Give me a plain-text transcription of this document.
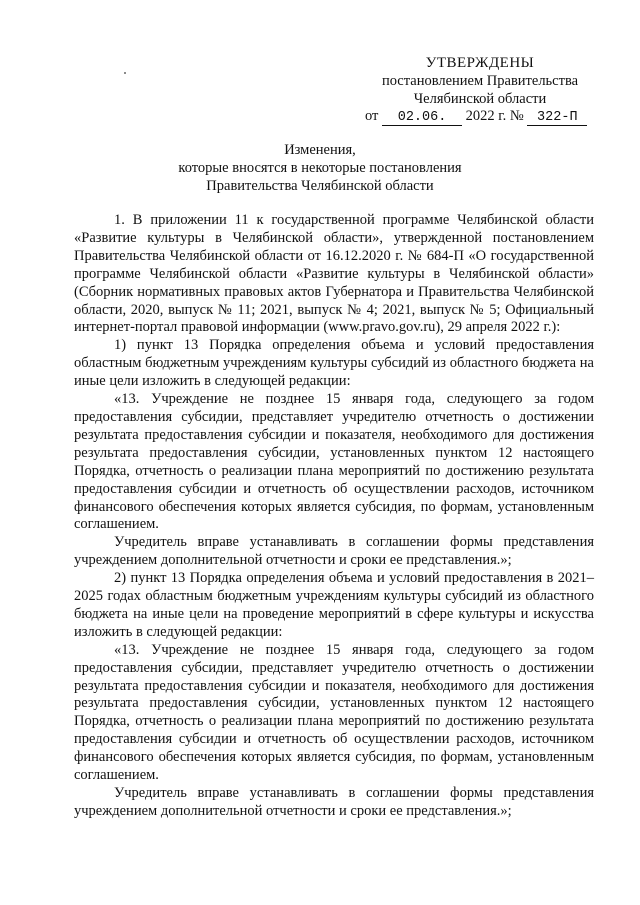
УТВЕРЖДЕНЫ
постановлением Правительства
Челябинской области
от 02.06. 2022 г. № 322-П
Изменения,
которые вносятся в некоторые постановления
Правительства Челябинской области

1. В приложении 11 к государственной программе Челябинской области «Развитие культуры в Челябинской области», утвержденной постановлением Правительства Челябинской области от 16.12.2020 г. № 684-П «О государственной программе Челябинской области «Развитие культуры в Челябинской области» (Сборник нормативных правовых актов Губернатора и Правительства Челябинской области, 2020, выпуск № 11; 2021, выпуск № 4; 2021, выпуск № 5; Официальный интернет-портал правовой информации (www.pravo.gov.ru), 29 апреля 2022 г.):

1) пункт 13 Порядка определения объема и условий предоставления областным бюджетным учреждениям культуры субсидий из областного бюджета на иные цели изложить в следующей редакции:

«13. Учреждение не позднее 15 января года, следующего за годом предоставления субсидии, представляет учредителю отчетность о достижении результата предоставления субсидии и показателя, необходимого для достижения результата предоставления субсидии, установленных пунктом 12 настоящего Порядка, отчетность о реализации плана мероприятий по достижению результата предоставления субсидии и отчетность об осуществлении расходов, источником финансового обеспечения которых является субсидия, по формам, установленным соглашением.

Учредитель вправе устанавливать в соглашении формы представления учреждением дополнительной отчетности и сроки ее представления.»;

2) пункт 13 Порядка определения объема и условий предоставления в 2021–2025 годах областным бюджетным учреждениям культуры субсидий из областного бюджета на иные цели на проведение мероприятий в сфере культуры и искусства изложить в следующей редакции:

«13. Учреждение не позднее 15 января года, следующего за годом предоставления субсидии, представляет учредителю отчетность о достижении результата предоставления субсидии и показателя, необходимого для достижения результата предоставления субсидии, установленных пунктом 12 настоящего Порядка, отчетность о реализации плана мероприятий по достижению результата предоставления субсидии и отчетность об осуществлении расходов, источником финансового обеспечения которых является субсидия, по формам, установленным соглашением.

Учредитель вправе устанавливать в соглашении формы представления учреждением дополнительной отчетности и сроки ее представления.»;
